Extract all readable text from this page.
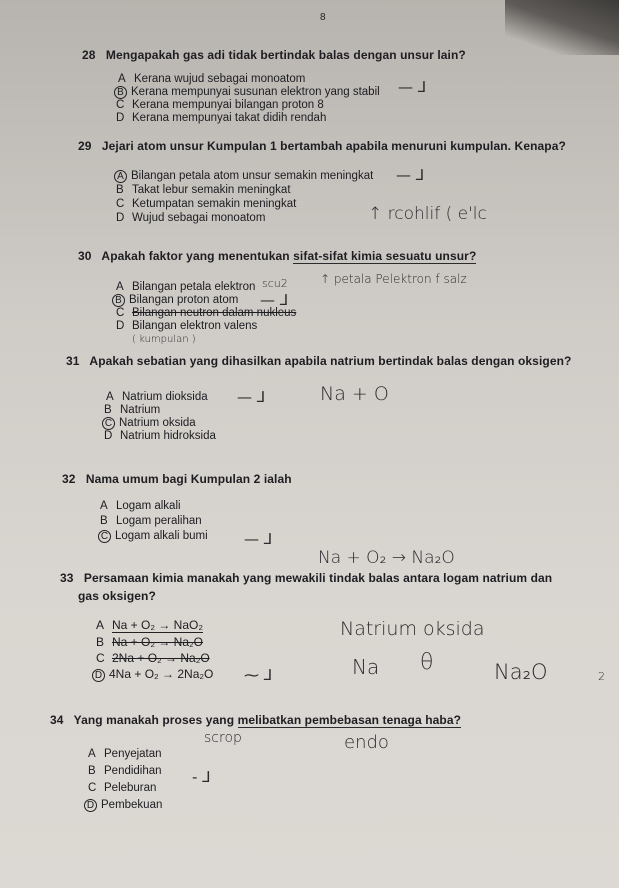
8
28 Mengapakah gas adi tidak bertindak balas dengan unsur lain?
A Kerana wujud sebagai monoatom
B Kerana mempunyai susunan elektron yang stabil
C Kerana mempunyai bilangan proton 8
D Kerana mempunyai takat didih rendah
— ⅃
29 Jejari atom unsur Kumpulan 1 bertambah apabila menuruni kumpulan. Kenapa?
A Bilangan petala atom unsur semakin meningkat
B Takat lebur semakin meningkat
C Ketumpatan semakin meningkat
D Wujud sebagai monoatom
— ⅃
↑ rcohlif ( e'lc
30 Apakah faktor yang menentukan sifat-sifat kimia sesuatu unsur?
A Bilangan petala elektron
B Bilangan proton atom
C Bilangan neutron dalam nukleus
D Bilangan elektron valens
scu2	↑ petala Pelektron f salz
( kumpulan )
— ⅃
31 Apakah sebatian yang dihasilkan apabila natrium bertindak balas dengan oksigen?
A Natrium dioksida
B Natrium
C Natrium oksida
D Natrium hidroksida
— ⅃	Na + O
32 Nama umum bagi Kumpulan 2 ialah
A Logam alkali
B Logam peralihan
C Logam alkali bumi — ⅃
Na + O₂ → Na₂O
33 Persamaan kimia manakah yang mewakili tindak balas antara logam natrium dan
gas oksigen?
A Na + O₂ → NaO₂
B Na + O₂ → Na₂O
C 2Na + O₂ → Na₂O
D 4Na + O₂ → 2Na₂O ⁓ ⅃
Natrium oksida
Na θ	Na₂O	2
34 Yang manakah proses yang melibatkan pembebasan tenaga haba?
scrop	endo
A Penyejatan
B Pendidihan
C Peleburan
D Pembekuan
- ⅃
